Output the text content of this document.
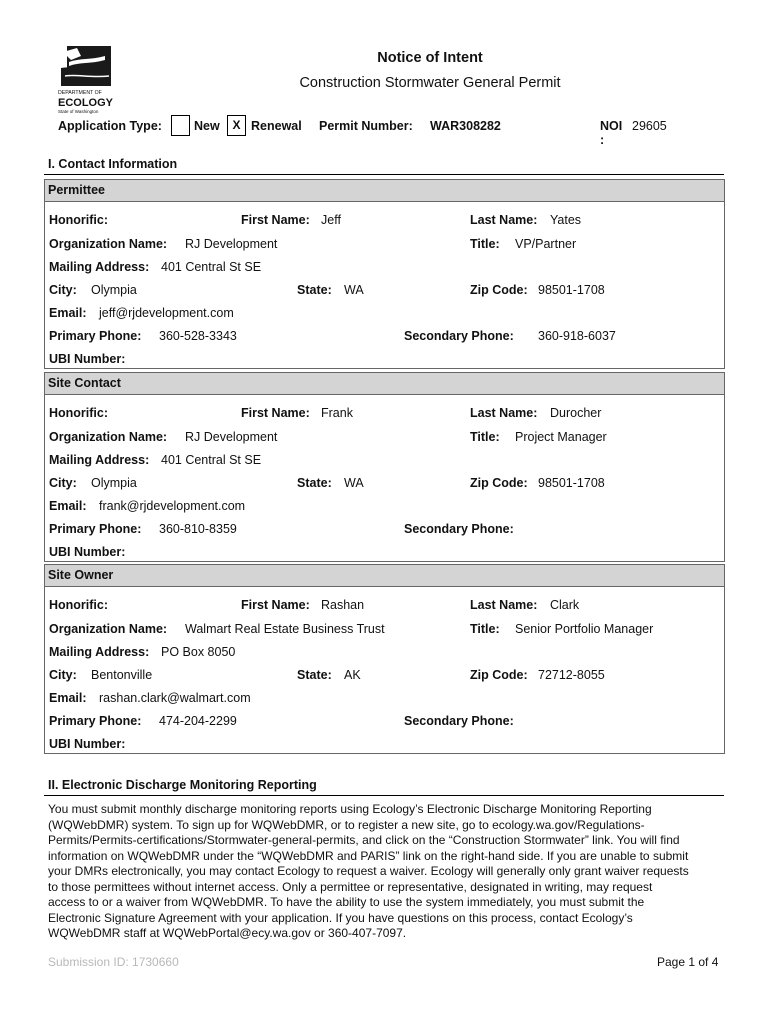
DEPARTMENT OF
ECOLOGY
State of Washington
Notice of Intent
Construction Stormwater General Permit
Application Type:	New	X Renewal Permit Number: WAR308282	NOI
:
29605
I. Contact Information
Permittee
Honorific:	First Name: Jeff	Last Name: Yates
Organization Name: RJ Development	Title: VP/Partner
Mailing Address: 401 Central St SE
City: Olympia	State: WA	Zip Code: 98501-1708
Email: jeff@rjdevelopment.com
Primary Phone: 360-528-3343	Secondary Phone: 360-918-6037
UBI Number:
Site Contact
Honorific:	First Name: Frank	Last Name: Durocher
Organization Name: RJ Development	Title: Project Manager
Mailing Address: 401 Central St SE
City: Olympia	State: WA	Zip Code: 98501-1708
Email: frank@rjdevelopment.com
Primary Phone: 360-810-8359	Secondary Phone:
UBI Number:
Site Owner
Honorific:	First Name: Rashan	Last Name: Clark
Organization Name: Walmart Real Estate Business Trust	Title: Senior Portfolio Manager
Mailing Address: PO Box 8050
City: Bentonville	State: AK	Zip Code: 72712-8055
Email: rashan.clark@walmart.com
Primary Phone: 474-204-2299	Secondary Phone:
UBI Number:
II. Electronic Discharge Monitoring Reporting
You must submit monthly discharge monitoring reports using Ecology’s Electronic Discharge Monitoring Reporting
(WQWebDMR) system. To sign up for WQWebDMR, or to register a new site, go to ecology.wa.gov/Regulations-
Permits/Permits-certifications/Stormwater-general-permits, and click on the “Construction Stormwater” link. You will find
information on WQWebDMR under the “WQWebDMR and PARIS” link on the right-hand side. If you are unable to submit
your DMRs electronically, you may contact Ecology to request a waiver. Ecology will generally only grant waiver requests
to those permittees without internet access. Only a permittee or representative, designated in writing, may request
access to or a waiver from WQWebDMR. To have the ability to use the system immediately, you must submit the
Electronic Signature Agreement with your application. If you have questions on this process, contact Ecology’s
WQWebDMR staff at WQWebPortal@ecy.wa.gov or 360-407-7097.
Submission ID: 1730660	Page 1 of 4
